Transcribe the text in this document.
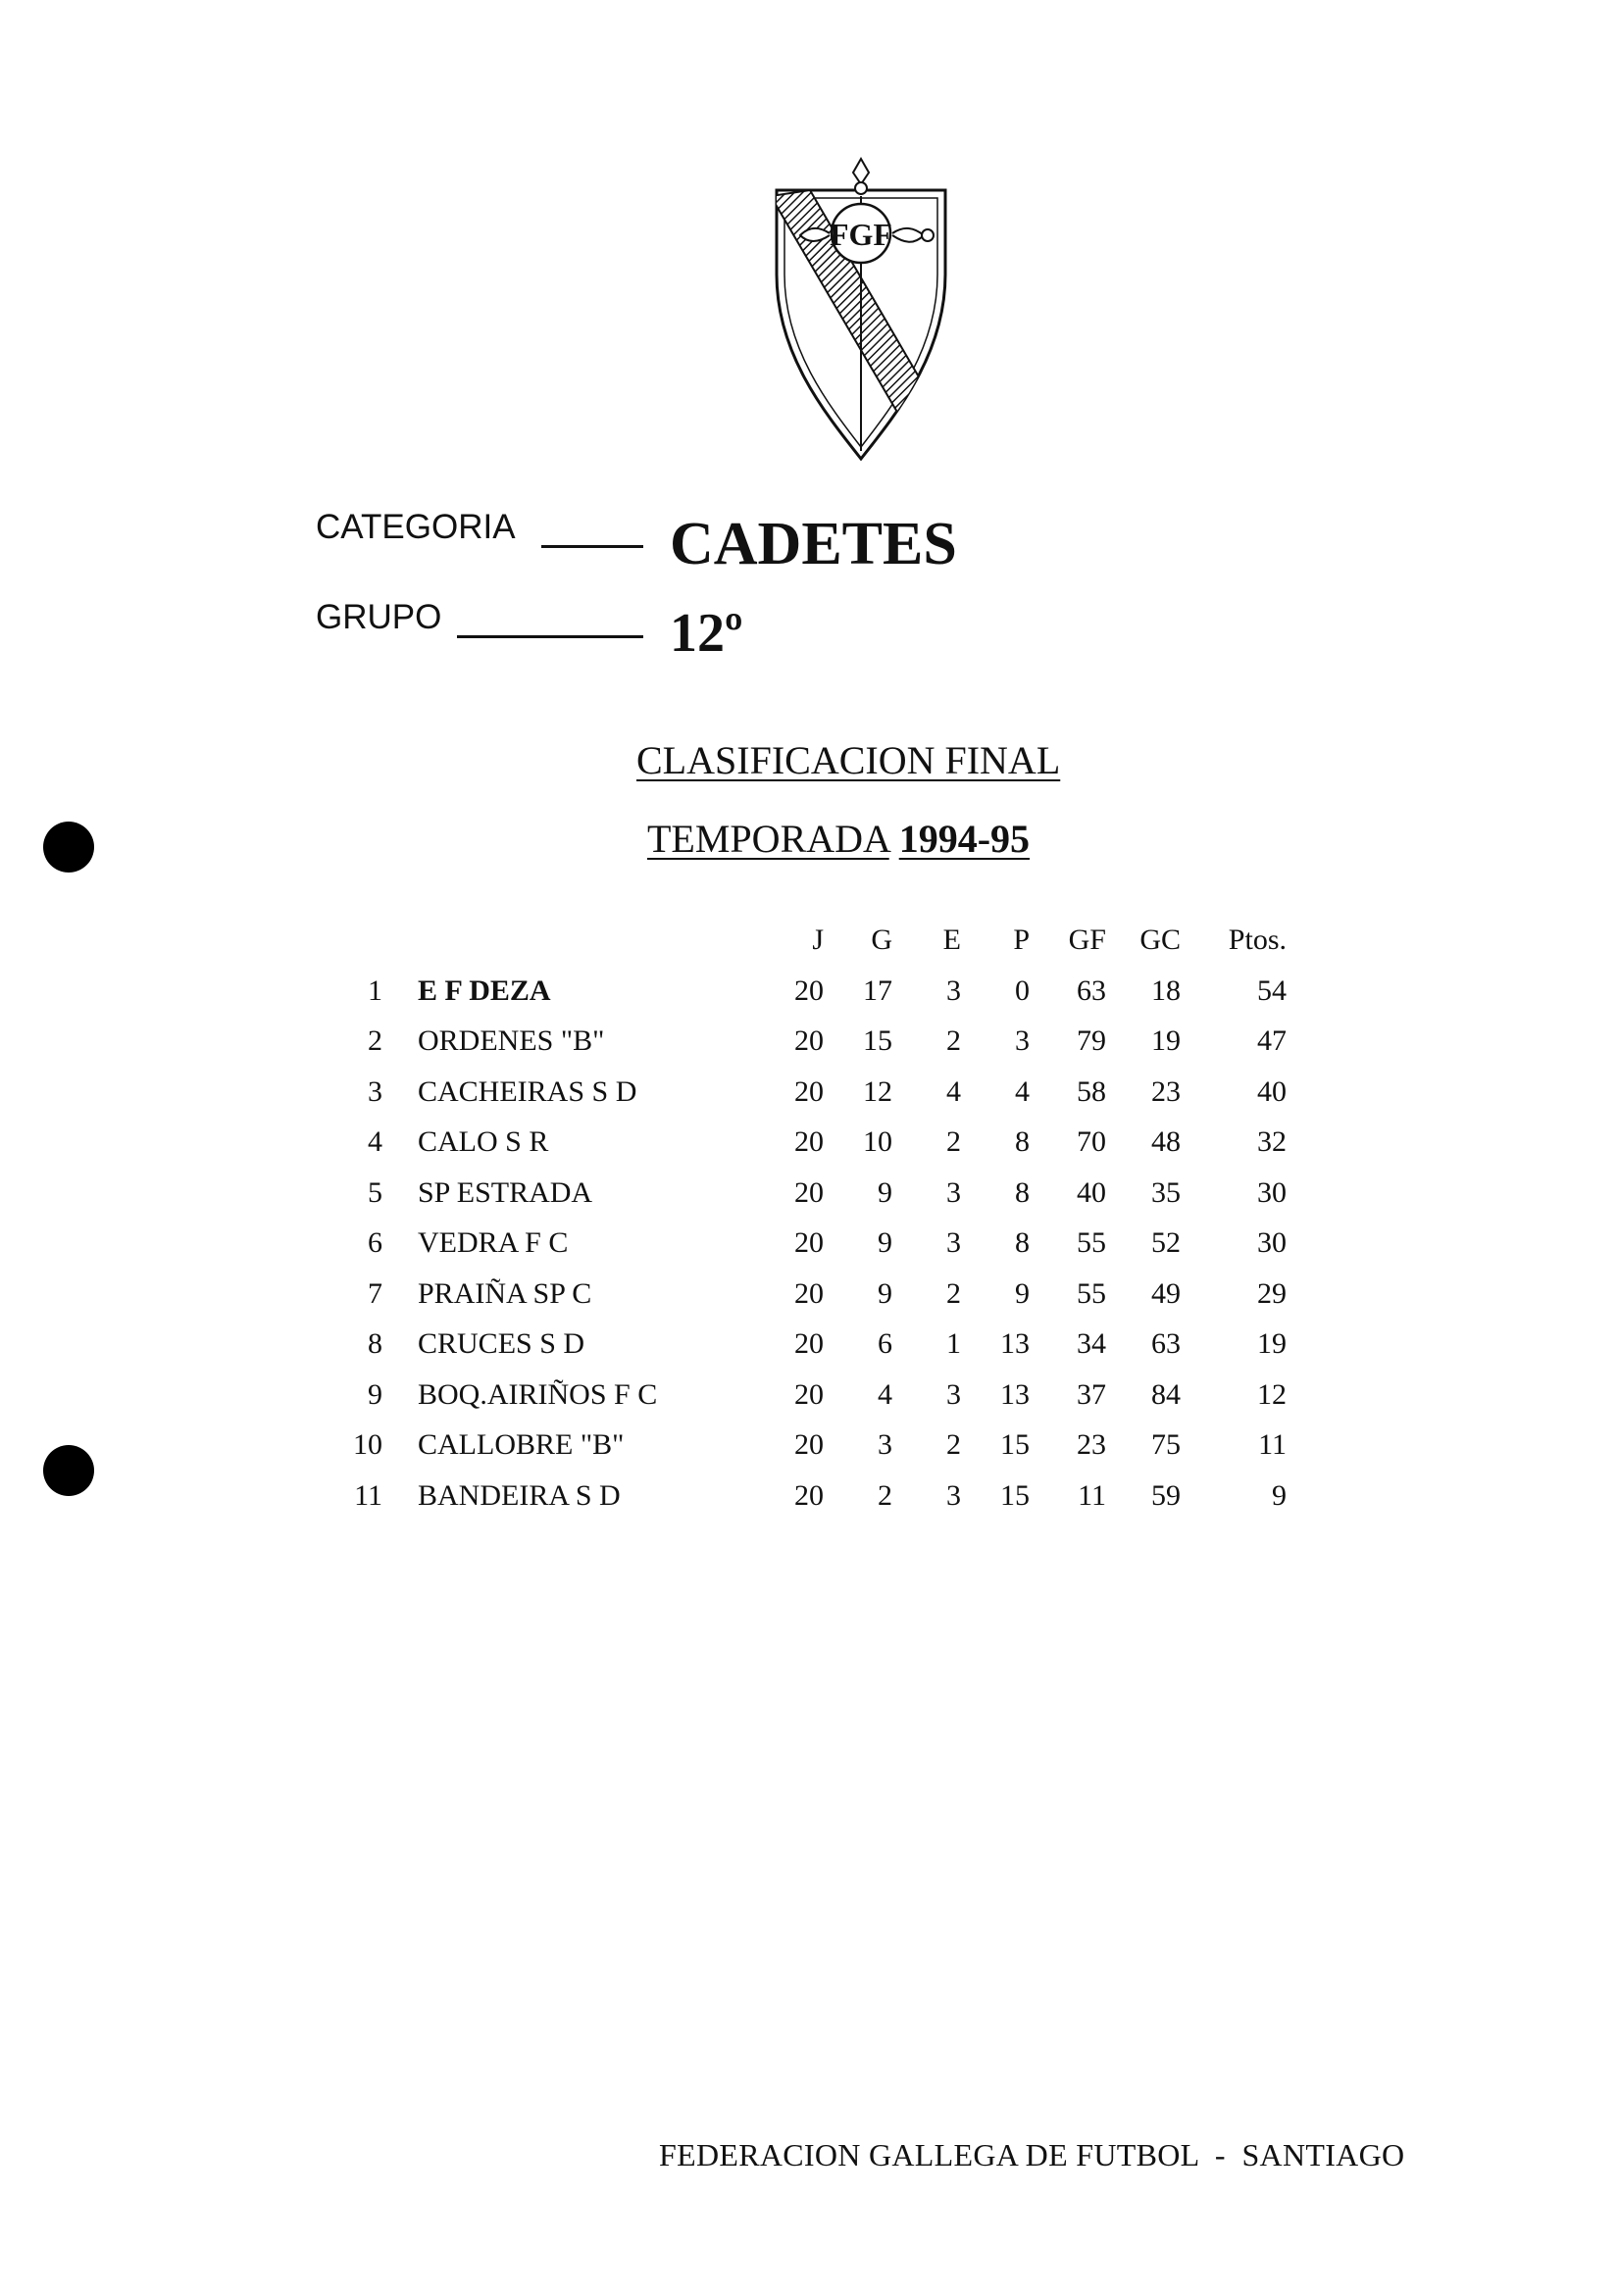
FGF
CATEGORIA	CADETES
GRUPO	12º
CLASIFICACION FINAL
TEMPORADA 1994-95
J	G	E	P	GF	GC	Ptos.
1 E F DEZA	20	17	3	0	63	18	54
2 ORDENES "B"	20	15	2	3	79	19	47
3 CACHEIRAS S D	20	12	4	4	58	23	40
4 CALO S R	20	10	2	8	70	48	32
5 SP ESTRADA	20	9	3	8	40	35	30
6 VEDRA F C	20	9	3	8	55	52	30
7 PRAIÑA SP C	20	9	2	9	55	49	29
8 CRUCES S D	20	6	1	13	34	63	19
9 BOQ.AIRIÑOS F C	20	4	3	13	37	84	12
10 CALLOBRE "B"	20	3	2	15	23	75	11
11 BANDEIRA S D	20	2	3	15	11	59	9
FEDERACION GALLEGA DE FUTBOL  -  SANTIAGO
